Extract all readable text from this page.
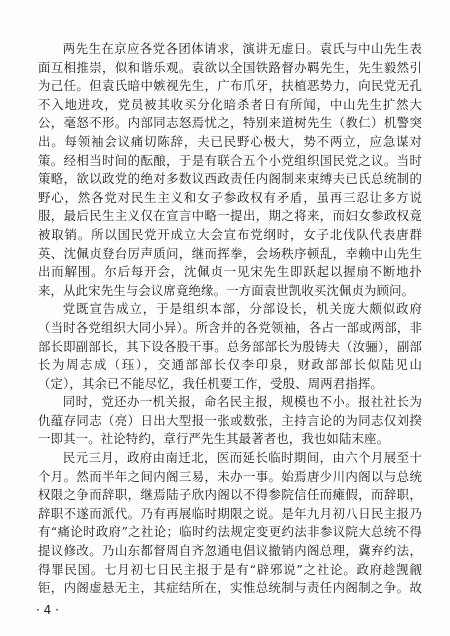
两先生在京应各党各团体请求，演讲无虚日。袁氏与中山先生表面互相推崇，似和谐乐观。袁欲以全国铁路督办羁先生，先生毅然引为己任。但袁氏暗中嫉视先生，广布爪牙，扶植恶势力，向民党无孔不入地进攻，党员被其收买分化暗杀者日有所闻，中山先生扩然大公，毫怒不形。内部同志怒焉忧之，特别来道树先生（教仁）机警突出。每领袖会议痛切陈辞，夫已民野心极大，势不两立，应急谋对策。经相当时间的酝酿，于是有联合五个小党组织国民党之议。当时策略，欲以政党的绝对多数议西政责任内阁制来束缚夫已氏总统制的野心，然各党对民生主义和女子参政权有矛盾，虽再三忍让多方说服，最后民生主义仅在宣言中略一提出，期之将来，而妇女参政权竟被取销。所以国民党开成立大会宣布党纲时，女子北伐队代表唐群英、沈佩贞登台厉声质问，继而挥拳，会场秩序顿乱，幸赖中山先生出而解围。尔后每开会，沈佩贞一见宋先生即跃起以握扇不断地扑来，从此宋先生与会议席竟绝缘。一方面袁世凯收买沈佩贞为顾问。

党既宣告成立，于是组织本部，分部设长，机关庞大颇似政府（当时各党组织大同小异）。所含并的各党领袖，各占一部或两部，非部长即副部长，其下设各股干事。总务部部长为殷铸夫（汝骊），副部长为周志成（珏），交通部部长仅李印泉，财政部部长似陆见山（定），其余已不能尽忆，我任机要工作，受殷、周两君指挥。

同时，党还办一机关报，命名民主报，规模也不小。报社社长为仇蕴存同志（亮）日出大型报一张或数张，主持言论的为同志仅刘揆一即其一。社论特约，章行严先生其最著者也，我也如陆末座。

民元三月，政府由南迁北，医而延长临时期间，由六个月展至十个月。然而半年之间内阁三易，未办一事。始焉唐少川内阁以与总统权限之争而辞职，继焉陆子欣内阁以不得参院信任而瘫假，而辞职，辞职不遂而派代。乃有再展临时期限之说。是年九月初八日民主报乃有“痛论时政府”之社论；临时约法规定变更约法非参议院大总统不得提议修改。乃山东都督周自齐忽通电倡议撤销内阁总理，冀弃约法，得罪民国。七月初七日民主报于是有“辟邪说”之社论。政府趁觊觎钜，内阁虚悬无主，其症结所在，实惟总统制与责任内阁制之争。故

· 4 ·
